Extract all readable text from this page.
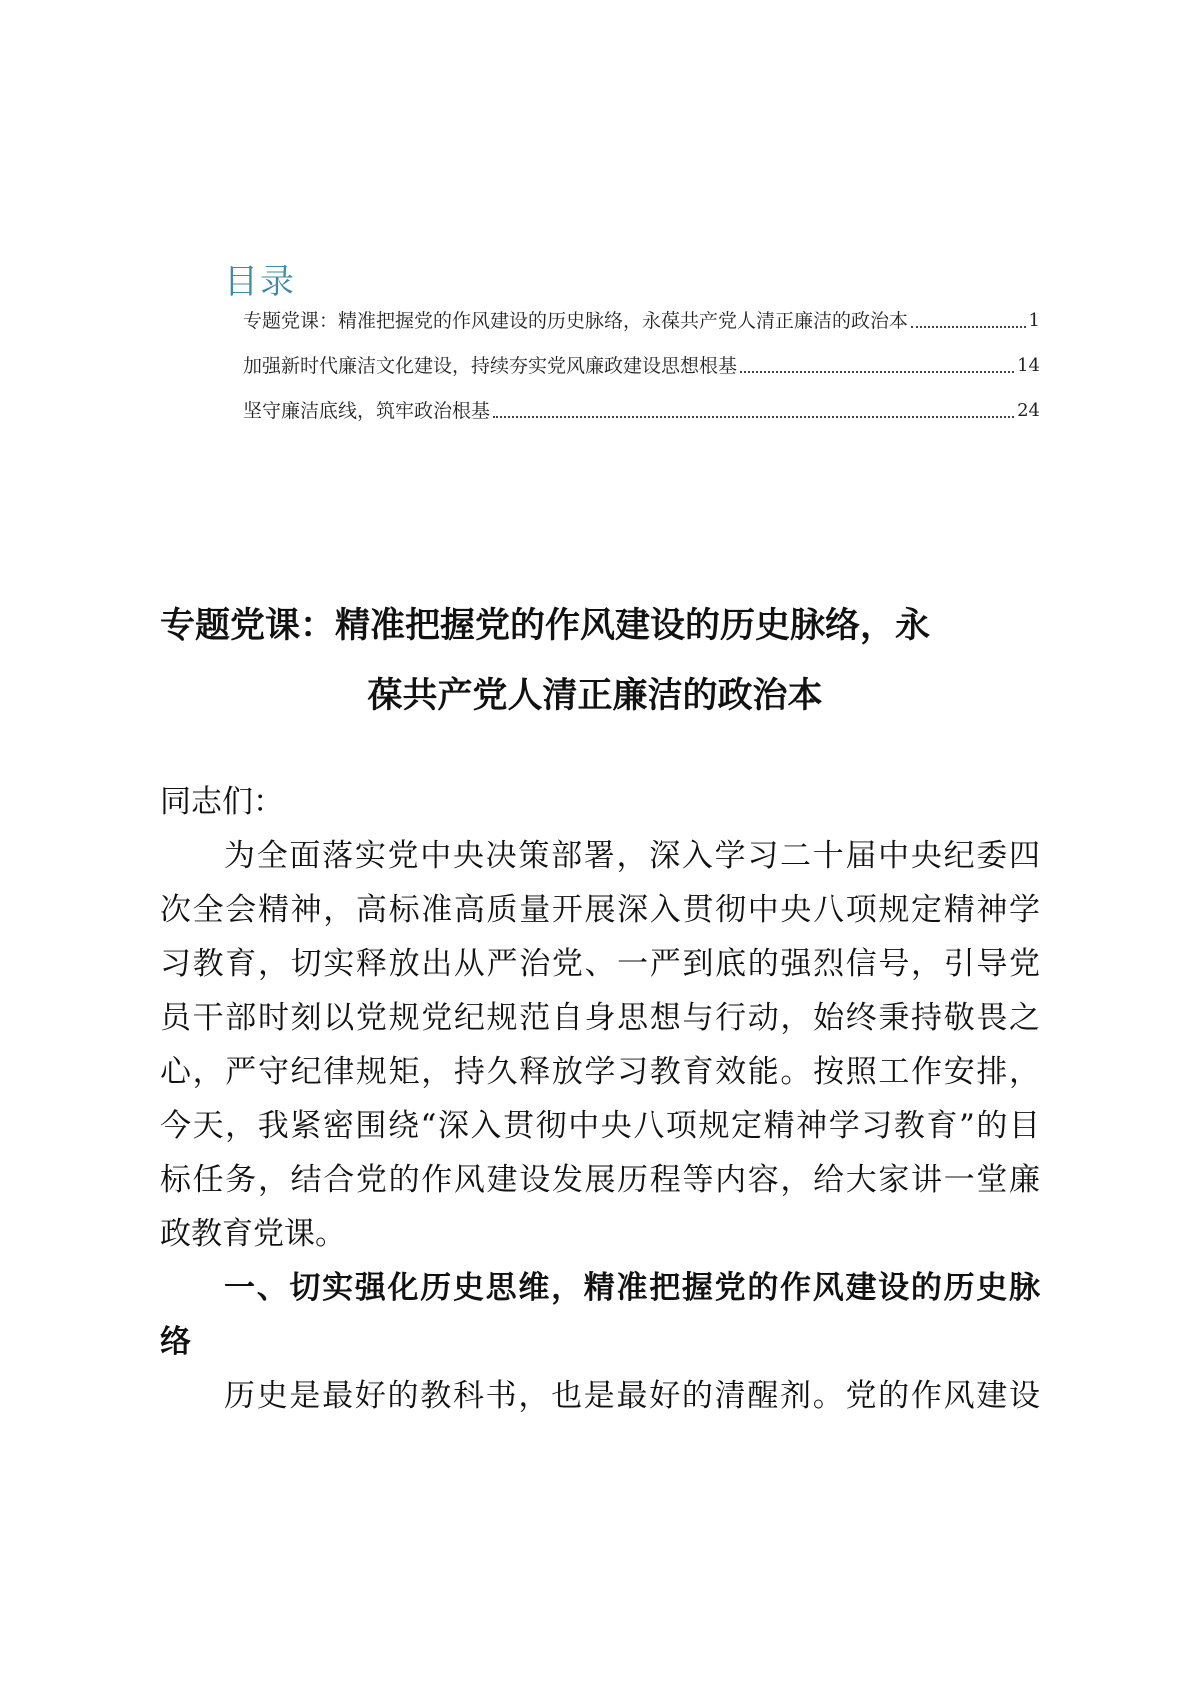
目录
专题党课：精准把握党的作风建设的历史脉络，永葆共产党人清正廉洁的政治本	1
加强新时代廉洁文化建设，持续夯实党风廉政建设思想根基	14
坚守廉洁底线，筑牢政治根基	24
专题党课：精准把握党的作风建设的历史脉络，永
葆共产党人清正廉洁的政治本
同志们：
为全面落实党中央决策部署，深入学习二十届中央纪委四
次全会精神，高标准高质量开展深入贯彻中央八项规定精神学
习教育，切实释放出从严治党、一严到底的强烈信号，引导党
员干部时刻以党规党纪规范自身思想与行动，始终秉持敬畏之
心，严守纪律规矩，持久释放学习教育效能。按照工作安排，
今天，我紧密围绕“深入贯彻中央八项规定精神学习教育”的目
标任务，结合党的作风建设发展历程等内容，给大家讲一堂廉
政教育党课。
一、切实强化历史思维，精准把握党的作风建设的历史脉
络
历史是最好的教科书，也是最好的清醒剂。党的作风建设
